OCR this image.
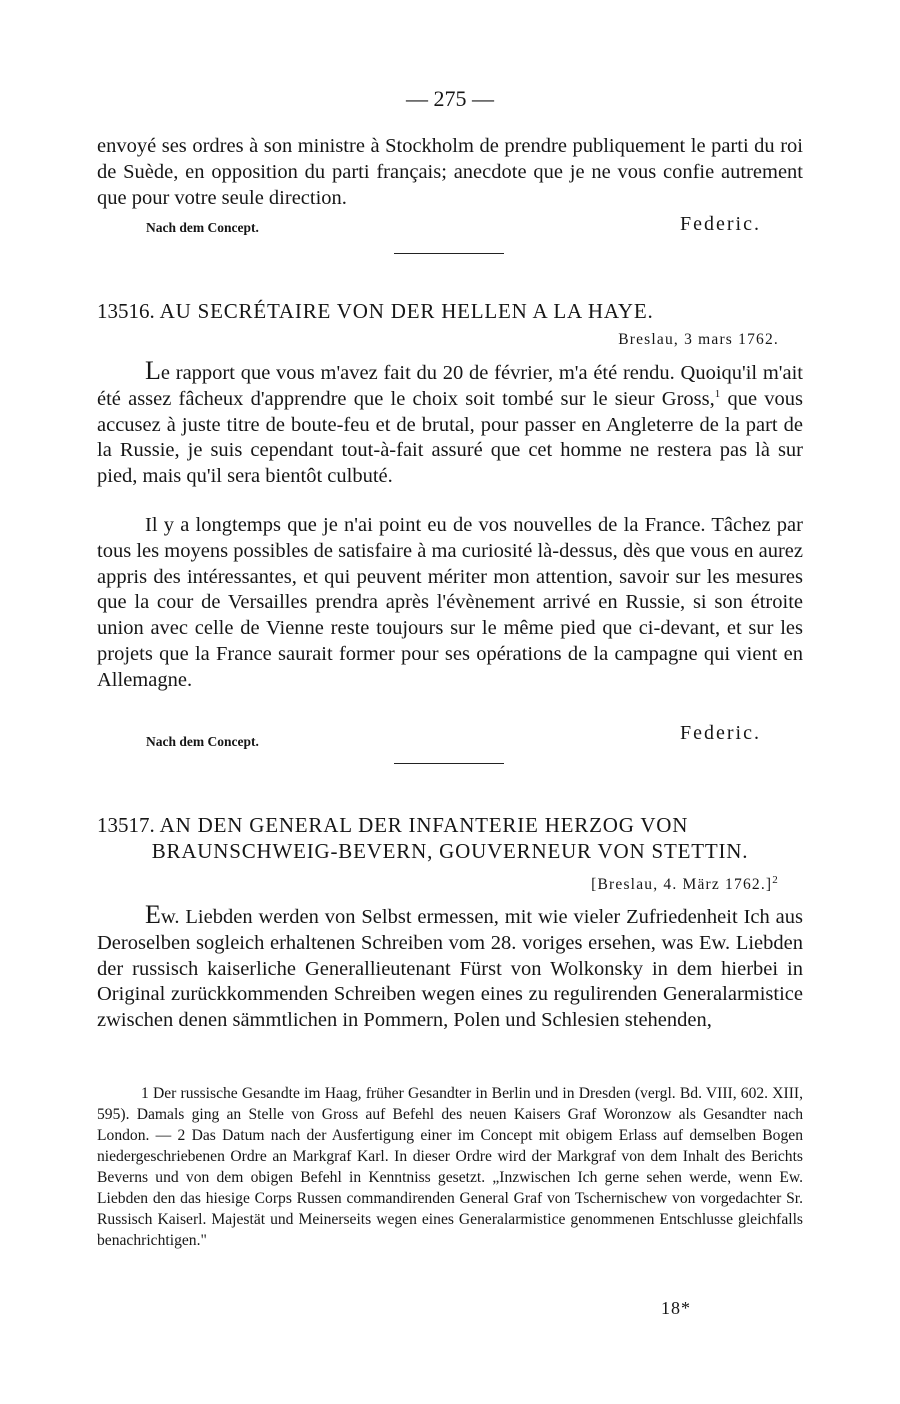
— 275 —

envoyé ses ordres à son ministre à Stockholm de prendre publiquement le parti du roi de Suède, en opposition du parti français; anecdote que je ne vous confie autrement que pour votre seule direction.

Nach dem Concept.	Federic.
13516. AU SECRÉTAIRE VON DER HELLEN A LA HAYE.
Breslau, 3 mars 1762.

Le rapport que vous m'avez fait du 20 de février, m'a été rendu. Quoiqu'il m'ait été assez fâcheux d'apprendre que le choix soit tombé sur le sieur Gross,$^1$ que vous accusez à juste titre de boute-feu et de brutal, pour passer en Angleterre de la part de la Russie, je suis cependant tout-à-fait assuré que cet homme ne restera pas là sur pied, mais qu'il sera bientôt culbuté.

Il y a longtemps que je n'ai point eu de vos nouvelles de la France. Tâchez par tous les moyens possibles de satisfaire à ma curiosité là-dessus, dès que vous en aurez appris des intéressantes, et qui peuvent mériter mon attention, savoir sur les mesures que la cour de Versailles prendra après l'évènement arrivé en Russie, si son étroite union avec celle de Vienne reste toujours sur le même pied que ci-devant, et sur les projets que la France saurait former pour ses opérations de la campagne qui vient en Allemagne.

Nach dem Concept.	Federic.
13517. AN DEN GENERAL DER INFANTERIE HERZOG VON
BRAUNSCHWEIG-BEVERN, GOUVERNEUR VON STETTIN.
[Breslau, 4. März 1762.]$^2$

Ew. Liebden werden von Selbst ermessen, mit wie vieler Zufriedenheit Ich aus Deroselben sogleich erhaltenen Schreiben vom 28. voriges ersehen, was Ew. Liebden der russisch kaiserliche Generallieutenant Fürst von Wolkonsky in dem hierbei in Original zurückkommenden Schreiben wegen eines zu regulirenden Generalarmistice zwischen denen sämmtlichen in Pommern, Polen und Schlesien stehenden,

1 Der russische Gesandte im Haag, früher Gesandter in Berlin und in Dresden (vergl. Bd. VIII, 602. XIII, 595). Damals ging an Stelle von Gross auf Befehl des neuen Kaisers Graf Woronzow als Gesandter nach London. — 2 Das Datum nach der Ausfertigung einer im Concept mit obigem Erlass auf demselben Bogen niedergeschriebenen Ordre an Markgraf Karl. In dieser Ordre wird der Markgraf von dem Inhalt des Berichts Beverns und von dem obigen Befehl in Kenntniss gesetzt. „Inzwischen Ich gerne sehen werde, wenn Ew. Liebden den das hiesige Corps Russen commandirenden General Graf von Tschernischew von vorgedachter Sr. Russisch Kaiserl. Majestät und Meinerseits wegen eines Generalarmistice genommenen Entschlusse gleichfalls benachrichtigen."

18*
